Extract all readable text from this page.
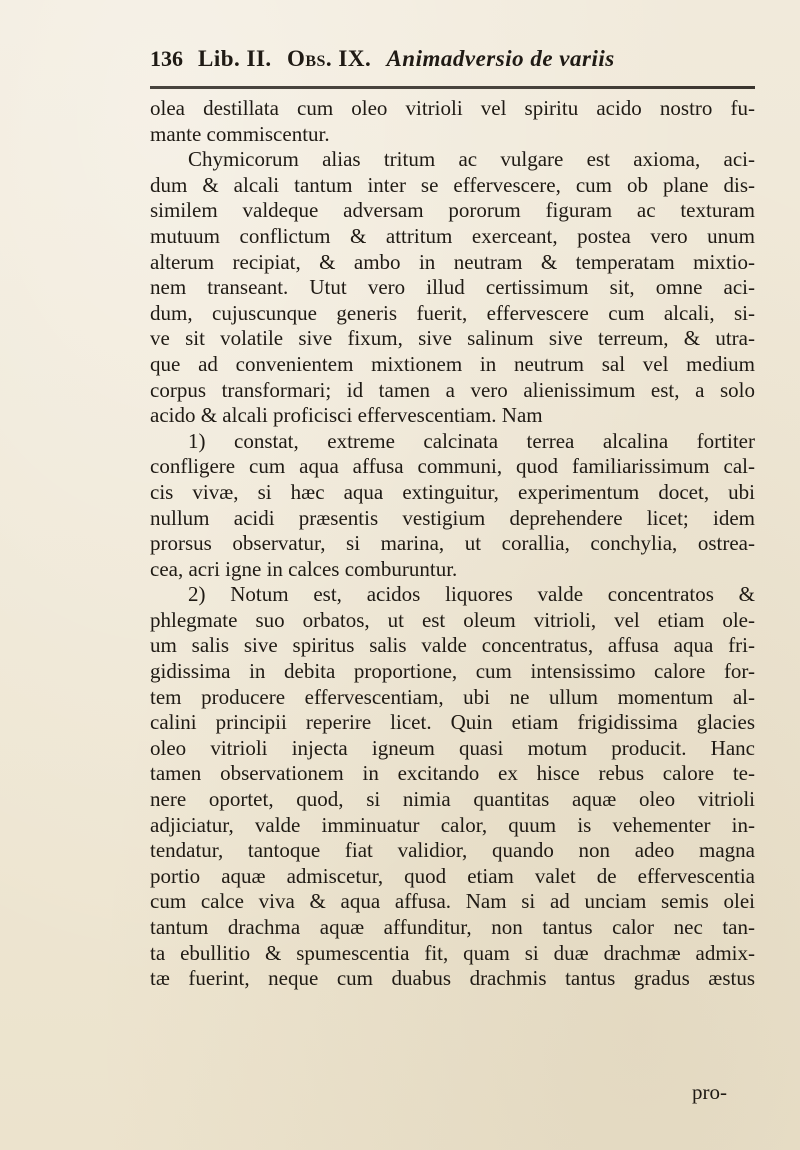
136 Lib. II. Obs. IX. Animadversio de variis
olea destillata cum oleo vitrioli vel spiritu acido nostro fu-
mante commiscentur.
Chymicorum alias tritum ac vulgare est axioma, aci-
dum & alcali tantum inter se effervescere, cum ob plane dis-
similem valdeque adversam pororum figuram ac texturam
mutuum conflictum & attritum exerceant, postea vero unum
alterum recipiat, & ambo in neutram & temperatam mixtio-
nem transeant. Utut vero illud certissimum sit, omne aci-
dum, cujuscunque generis fuerit, effervescere cum alcali, si-
ve sit volatile sive fixum, sive salinum sive terreum, & utra-
que ad convenientem mixtionem in neutrum sal vel medium
corpus transformari; id tamen a vero alienissimum est, a solo
acido & alcali proficisci effervescentiam. Nam
1) constat, extreme calcinata terrea alcalina fortiter
confligere cum aqua affusa communi, quod familiarissimum cal-
cis vivæ, si hæc aqua extinguitur, experimentum docet, ubi
nullum acidi præsentis vestigium deprehendere licet; idem
prorsus observatur, si marina, ut corallia, conchylia, ostrea-
cea, acri igne in calces comburuntur.
2) Notum est, acidos liquores valde concentratos &
phlegmate suo orbatos, ut est oleum vitrioli, vel etiam ole-
um salis sive spiritus salis valde concentratus, affusa aqua fri-
gidissima in debita proportione, cum intensissimo calore for-
tem producere effervescentiam, ubi ne ullum momentum al-
calini principii reperire licet. Quin etiam frigidissima glacies
oleo vitrioli injecta igneum quasi motum producit. Hanc
tamen observationem in excitando ex hisce rebus calore te-
nere oportet, quod, si nimia quantitas aquæ oleo vitrioli
adjiciatur, valde imminuatur calor, quum is vehementer in-
tendatur, tantoque fiat validior, quando non adeo magna
portio aquæ admiscetur, quod etiam valet de effervescentia
cum calce viva & aqua affusa. Nam si ad unciam semis olei
tantum drachma aquæ affunditur, non tantus calor nec tan-
ta ebullitio & spumescentia fit, quam si duæ drachmæ admix-
tæ fuerint, neque cum duabus drachmis tantus gradus æstus
pro-
